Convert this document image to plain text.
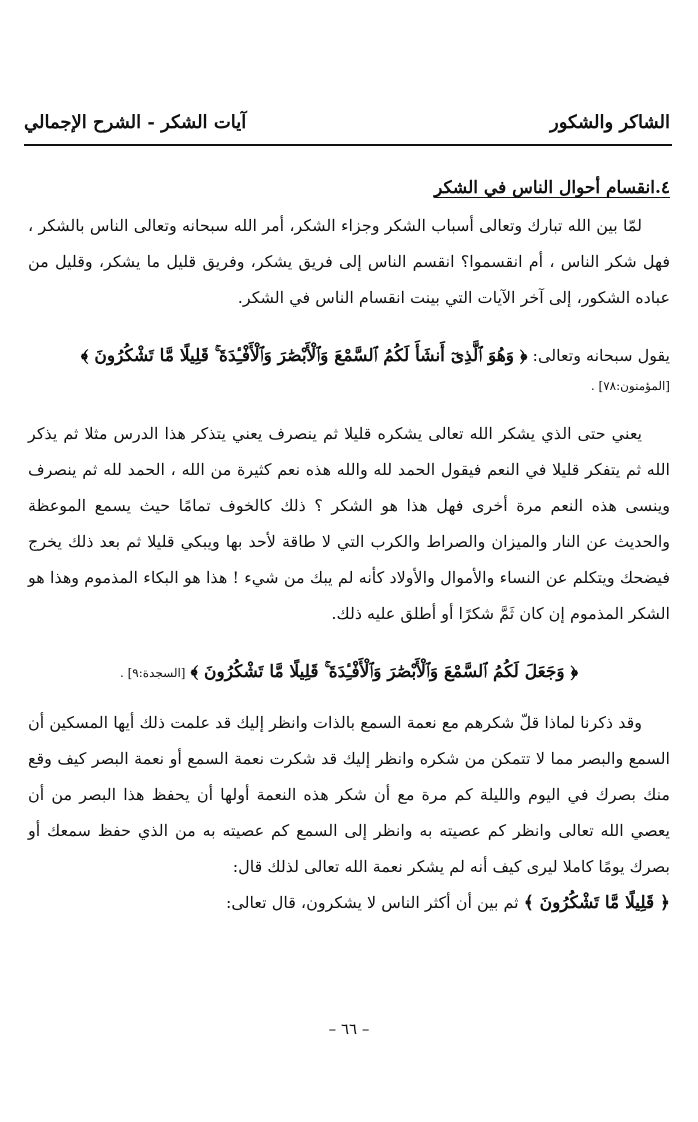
الشاكر والشكور
آيات الشكر - الشرح الإجمالي
٤.انقسام أحوال الناس في الشكر

لمّا بين الله تبارك وتعالى أسباب الشكر وجزاء الشكر، أمر الله سبحانه وتعالى الناس بالشكر ، فهل شكر الناس ، أم انقسموا؟ انقسم الناس إلى فريق يشكر، وفريق قليل ما يشكر، وقليل من عباده الشكور، إلى آخر الآيات التي بينت انقسام الناس في الشكر.

يقول سبحانه وتعالى: ﴿ وَهُوَ ٱلَّذِىٓ أَنشَأَ لَكُمُ ٱلسَّمْعَ وَٱلْأَبْصَٰرَ وَٱلْأَفْـِٔدَةَ ۚ قَلِيلًا مَّا تَشْكُرُونَ ﴾

[المؤمنون:٧٨] .

يعني حتى الذي يشكر الله تعالى يشكره قليلا ثم ينصرف يعني يتذكر هذا الدرس مثلا ثم يذكر الله ثم يتفكر قليلا في النعم فيقول الحمد لله والله هذه نعم كثيرة من الله ، الحمد لله ثم ينصرف وينسى هذه النعم مرة أخرى فهل هذا هو الشكر ؟ ذلك كالخوف تمامًا حيث يسمع الموعظة والحديث عن النار والميزان والصراط والكرب التي لا طاقة لأحد بها ويبكي قليلا ثم بعد ذلك يخرج فيضحك ويتكلم عن النساء والأموال والأولاد كأنه لم يبك من شيء ! هذا هو البكاء المذموم وهذا هو الشكر المذموم إن كان ثَمَّ شكرًا أو أطلق عليه ذلك.

﴿ وَجَعَلَ لَكُمُ ٱلسَّمْعَ وَٱلْأَبْصَٰرَ وَٱلْأَفْـِٔدَةَ ۚ قَلِيلًا مَّا تَشْكُرُونَ ﴾ [السجدة:٩] .

وقد ذكرنا لماذا قلّ شكرهم مع نعمة السمع بالذات وانظر إليك قد علمت ذلك أيها المسكين أن السمع والبصر مما لا تتمكن من شكره وانظر إليك قد شكرت نعمة السمع أو نعمة البصر كيف وقع منك بصرك في اليوم والليلة كم مرة مع أن شكر هذه النعمة أولها أن يحفظ هذا البصر من أن يعصي الله تعالى وانظر كم عصيته به وانظر إلى السمع كم عصيته به من الذي حفظ سمعك أو بصرك يومًا كاملا ليرى كيف أنه لم يشكر نعمة الله تعالى لذلك قال:

﴿ قَلِيلًا مَّا تَشْكُرُونَ ﴾ ثم بين أن أكثر الناس لا يشكرون، قال تعالى:

– ٦٦ –
